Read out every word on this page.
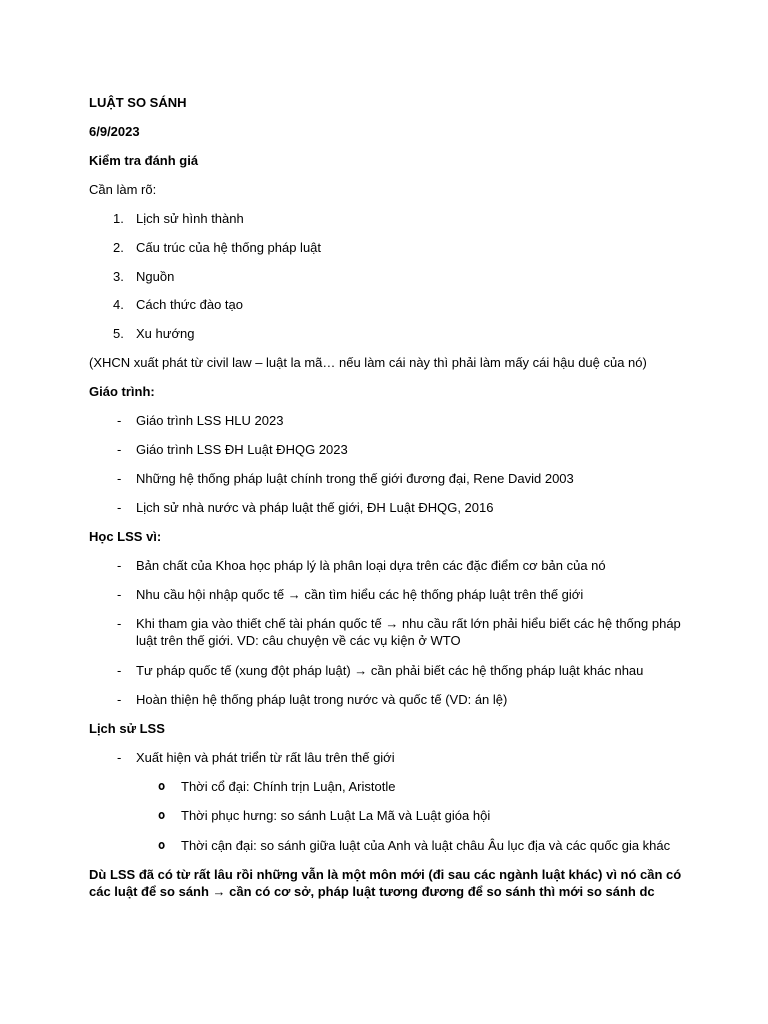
LUẬT SO SÁNH
6/9/2023
Kiểm tra đánh giá
Cần làm rõ:
1. Lịch sử hình thành
2. Cấu trúc của hệ thống pháp luật
3. Nguồn
4. Cách thức đào tạo
5. Xu hướng
(XHCN xuất phát từ civil law – luật la mã… nếu làm cái này thì phải làm mấy cái hậu duệ của nó)
Giáo trình:
- Giáo trình LSS HLU 2023
- Giáo trình LSS ĐH Luật ĐHQG 2023
- Những hệ thống pháp luật chính trong thế giới đương đại, Rene David 2003
- Lịch sử nhà nước và pháp luật thế giới, ĐH Luật ĐHQG, 2016
Học LSS vì:
- Bản chất của Khoa học pháp lý là phân loại dựa trên các đặc điểm cơ bản của nó
- Nhu cầu hội nhập quốc tế → cần tìm hiểu các hệ thống pháp luật trên thế giới
- Khi tham gia vào thiết chế tài phán quốc tế → nhu cầu rất lớn phải hiểu biết các hệ thống pháp luật trên thế giới. VD: câu chuyện về các vụ kiện ở WTO
- Tư pháp quốc tế (xung đột pháp luật) → cần phải biết các hệ thống pháp luật khác nhau
- Hoàn thiện hệ thống pháp luật trong nước và quốc tế (VD: án lệ)
Lịch sử LSS
- Xuất hiện và phát triển từ rất lâu trên thế giới
o Thời cổ đại: Chính trịn Luận, Aristotle
o Thời phục hưng: so sánh Luật La Mã và Luật gióa hội
o Thời cận đại: so sánh giữa luật của Anh và luật châu Âu lục địa và các quốc gia khác
Dù LSS đã có từ rất lâu rồi những vẫn là một môn mới (đi sau các ngành luật khác) vì nó cần có các luật để so sánh → cần có cơ sở, pháp luật tương đương để so sánh thì mới so sánh dc
